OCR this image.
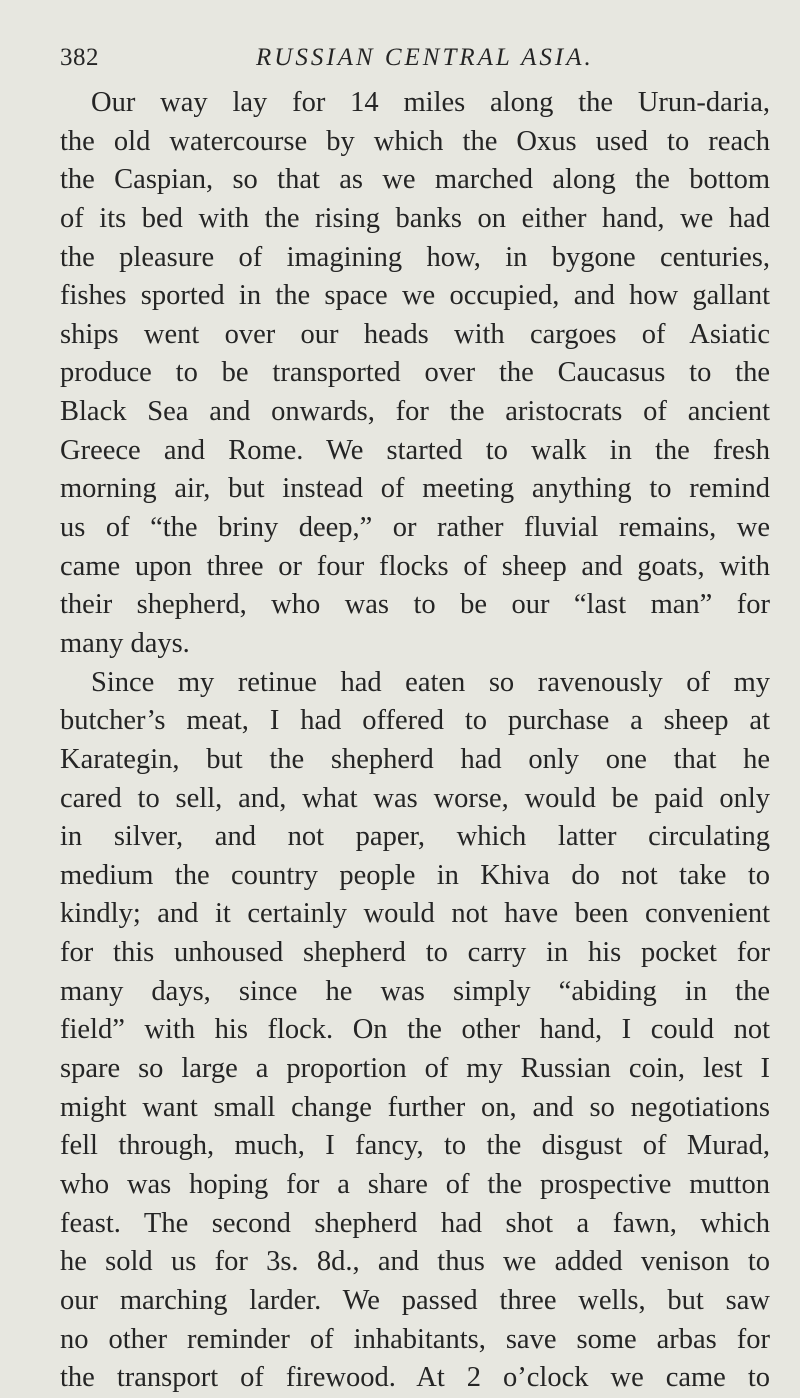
382	RUSSIAN CENTRAL ASIA.
Our way lay for 14 miles along the Urun-daria,
the old watercourse by which the Oxus used to reach
the Caspian, so that as we marched along the bottom
of its bed with the rising banks on either hand, we had
the pleasure of imagining how, in bygone centuries,
fishes sported in the space we occupied, and how gallant
ships went over our heads with cargoes of Asiatic
produce to be transported over the Caucasus to the
Black Sea and onwards, for the aristocrats of ancient
Greece and Rome. We started to walk in the fresh
morning air, but instead of meeting anything to remind
us of “the briny deep,” or rather fluvial remains, we
came upon three or four flocks of sheep and goats, with
their shepherd, who was to be our “last man” for
many days.
Since my retinue had eaten so ravenously of my
butcher’s meat, I had offered to purchase a sheep at
Karategin, but the shepherd had only one that he
cared to sell, and, what was worse, would be paid only
in silver, and not paper, which latter circulating
medium the country people in Khiva do not take to
kindly; and it certainly would not have been convenient
for this unhoused shepherd to carry in his pocket for
many days, since he was simply “abiding in the
field” with his flock. On the other hand, I could not
spare so large a proportion of my Russian coin, lest I
might want small change further on, and so negotiations
fell through, much, I fancy, to the disgust of Murad,
who was hoping for a share of the prospective mutton
feast. The second shepherd had shot a fawn, which
he sold us for 3s. 8d., and thus we added venison to
our marching larder. We passed three wells, but saw
no other reminder of inhabitants, save some arbas for
the transport of firewood. At 2 o’clock we came to
